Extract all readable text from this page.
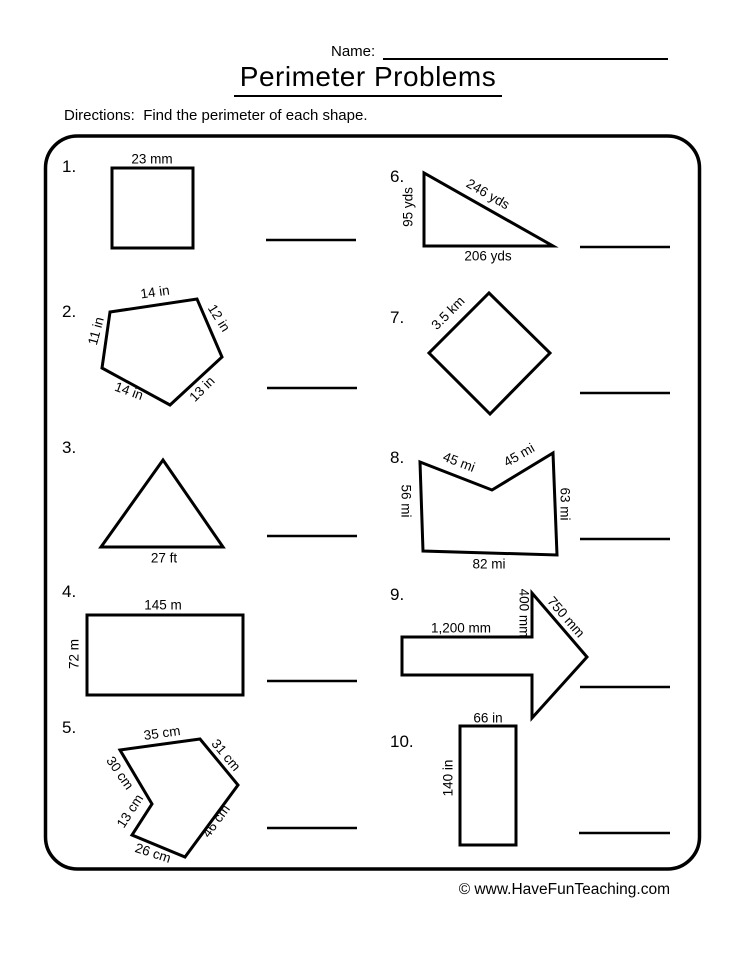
Name:
Perimeter Problems
Directions:  Find the perimeter of each shape.
1.	23 mm
2.
14 in
12 in
13 in
14 in
11 in
3.
27 ft
4.
145 m
72 m
5.	35 cm
31 cm
46 cm
26 cm
13 cm
30 cm
6.
95 yds	246 yds
206 yds
7. 3.5 km
8.	45 mi 45 mi
56 mi	63 mi
82 mi
9.
1,200 mm 400 mm 750 mm
10.
66 in
140 in
© www.HaveFunTeaching.com
